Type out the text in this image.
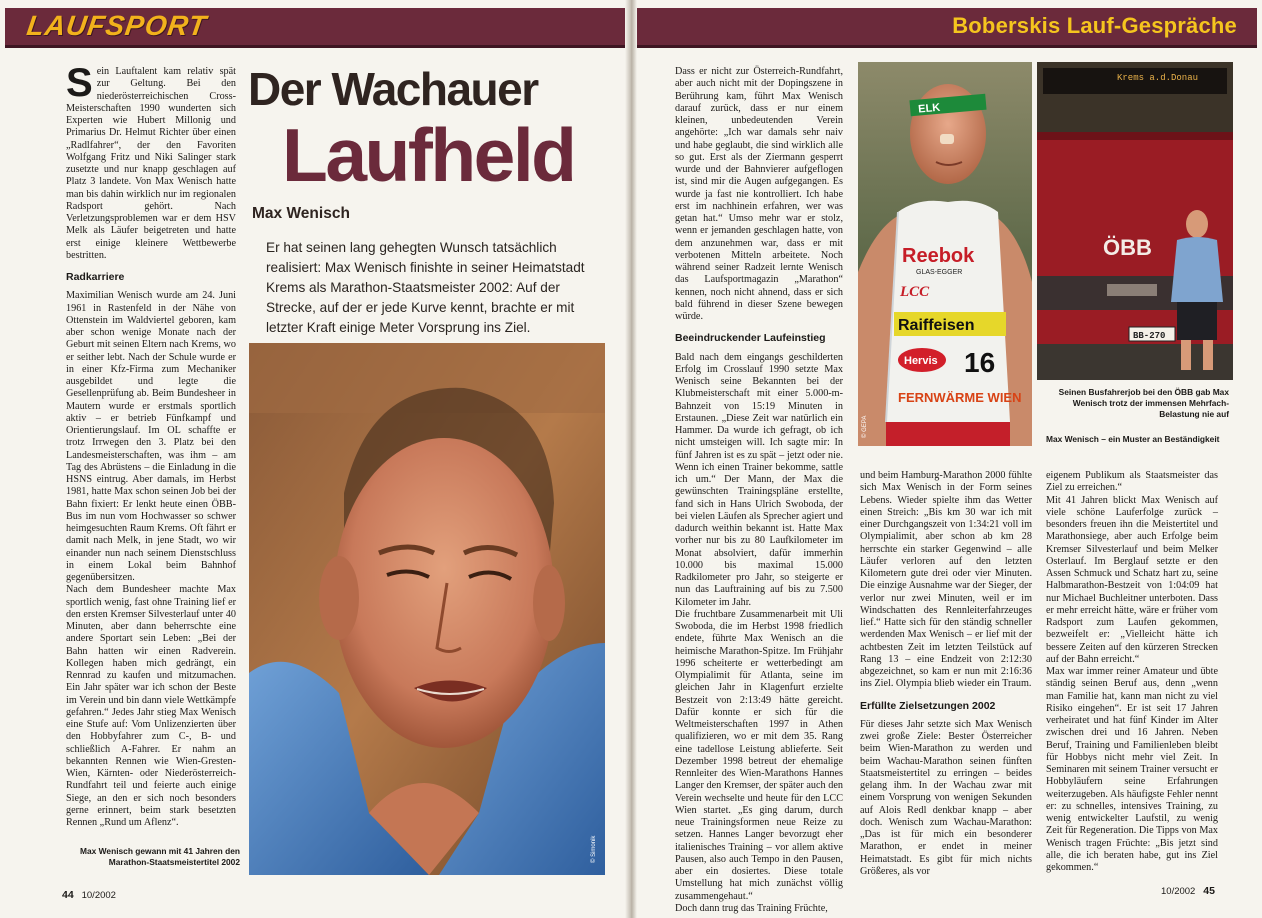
LAUFSPORT

Sein Lauftalent kam relativ spät zur Geltung. Bei den niederösterreichischen Cross-Meisterschaften 1990 wunderten sich Experten wie Hubert Millonig und Primarius Dr. Helmut Richter über einen „Radlfahrer“, der den Favoriten Wolfgang Fritz und Niki Salinger stark zusetzte und nur knapp geschlagen auf Platz 3 landete. Von Max Wenisch hatte man bis dahin wirklich nur im regionalen Radsport gehört. Nach Verletzungsproblemen war er dem HSV Melk als Läufer beigetreten und hatte erst einige kleinere Wettbewerbe bestritten.

Radkarriere

Maximilian Wenisch wurde am 24. Juni 1961 in Rastenfeld in der Nähe von Ottenstein im Waldviertel geboren, kam aber schon wenige Monate nach der Geburt mit seinen Eltern nach Krems, wo er seither lebt. Nach der Schule wurde er in einer Kfz-Firma zum Mechaniker ausgebildet und legte die Gesellenprüfung ab. Beim Bundesheer in Mautern wurde er erstmals sportlich aktiv – er betrieb Fünfkampf und Orientierungslauf. Im OL schaffte er trotz Irrwegen den 3. Platz bei den Landesmeisterschaften, was ihm – am Tag des Abrüstens – die Einladung in die HSNS eintrug. Aber damals, im Herbst 1981, hatte Max schon seinen Job bei der Bahn fixiert: Er lenkt heute einen ÖBB-Bus im nun vom Hochwasser so schwer heimgesuchten Raum Krems. Oft fährt er damit nach Melk, in jene Stadt, wo wir einander nun nach seinem Dienstschluss in einem Lokal beim Bahnhof gegenübersitzen.

Nach dem Bundesheer machte Max sportlich wenig, fast ohne Training lief er den ersten Kremser Silvesterlauf unter 40 Minuten, aber dann beherrschte eine andere Sportart sein Leben: „Bei der Bahn hatten wir einen Radverein. Kollegen haben mich gedrängt, ein Rennrad zu kaufen und mitzumachen. Ein Jahr später war ich schon der Beste im Verein und bin dann viele Wettkämpfe gefahren.“ Jedes Jahr stieg Max Wenisch eine Stufe auf: Vom Unlizenzierten über den Hobbyfahrer zum C-, B- und schließlich A-Fahrer. Er nahm an bekannten Rennen wie Wien-Gresten-Wien, Kärnten- oder Niederösterreich-Rundfahrt teil und feierte auch einige Siege, an den er sich noch besonders gerne erinnert, beim stark besetzten Rennen „Rund um Aflenz“.

Der Wachauer
Laufheld
Max Wenisch
Er hat seinen lang gehegten Wunsch tatsächlich realisiert: Max Wenisch finishte in seiner Heimatstadt Krems als Marathon-Staatsmeister 2002: Auf der Strecke, auf der er jede Kurve kennt, brachte er mit letzter Kraft einige Meter Vorsprung ins Ziel.
© Simonik
Max Wenisch gewann mit 41 Jahren den Marathon-Staatsmeistertitel 2002
44 10/2002
Boberskis Lauf-Gespräche

Dass er nicht zur Österreich-Rundfahrt, aber auch nicht mit der Dopingszene in Berührung kam, führt Max Wenisch darauf zurück, dass er nur einem kleinen, unbedeutenden Verein angehörte: „Ich war damals sehr naiv und habe geglaubt, die sind wirklich alle so gut. Erst als der Ziermann gesperrt wurde und der Bahnvierer aufgeflogen ist, sind mir die Augen aufgegangen. Es wurde ja fast nie kontrolliert. Ich habe erst im nachhinein erfahren, wer was getan hat.“ Umso mehr war er stolz, wenn er jemanden geschlagen hatte, von dem anzunehmen war, dass er mit verbotenen Mitteln arbeitete. Noch während seiner Radzeit lernte Wenisch das Laufsportmagazin „Marathon“ kennen, noch nicht ahnend, dass er sich bald führend in dieser Szene bewegen würde.

Beeindruckender Laufeinstieg

Bald nach dem eingangs geschilderten Erfolg im Crosslauf 1990 setzte Max Wenisch seine Bekannten bei der Klubmeisterschaft mit einer 5.000-m-Bahnzeit von 15:19 Minuten in Erstaunen. „Diese Zeit war natürlich ein Hammer. Da wurde ich gefragt, ob ich nicht umsteigen will. Ich sagte mir: In fünf Jahren ist es zu spät – jetzt oder nie. Wenn ich einen Trainer bekomme, sattle ich um.“ Der Mann, der Max die gewünschten Trainingspläne erstellte, fand sich in Hans Ulrich Swoboda, der bei vielen Läufen als Sprecher agiert und dadurch weithin bekannt ist. Hatte Max vorher nur bis zu 80 Laufkilometer im Monat absolviert, dafür immerhin 10.000 bis maximal 15.000 Radkilometer pro Jahr, so steigerte er nun das Lauftraining auf bis zu 7.500 Kilometer im Jahr.

Die fruchtbare Zusammenarbeit mit Uli Swoboda, die im Herbst 1998 friedlich endete, führte Max Wenisch an die heimische Marathon-Spitze. Im Frühjahr 1996 scheiterte er wetterbedingt am Olympialimit für Atlanta, seine im gleichen Jahr in Klagenfurt erzielte Bestzeit von 2:13:49 hätte gereicht. Dafür konnte er sich für die Weltmeisterschaften 1997 in Athen qualifizieren, wo er mit dem 35. Rang eine tadellose Leistung ablieferte. Seit Dezember 1998 betreut der ehemalige Rennleiter des Wien-Marathons Hannes Langer den Kremser, der später auch den Verein wechselte und heute für den LCC Wien startet. „Es ging darum, durch neue Trainingsformen neue Reize zu setzen. Hannes Langer bevorzugt eher italienisches Training – vor allem aktive Pausen, also auch Tempo in den Pausen, aber ein dosiertes. Diese totale Umstellung hat mich zunächst völlig zusammengehaut.“

Doch dann trug das Training Früchte,

ELK
Reebok
GLAS-EGGER
LCC
Raiffeisen
Hervis 16
FERNWÄRME WIEN
© GEPA
Krems a.d.Donau
ÖBB
BB-270
Seinen Busfahrerjob bei den ÖBB gab Max Wenisch trotz der immensen Mehrfach-Belastung nie auf
Max Wenisch – ein Muster an Beständigkeit

und beim Hamburg-Marathon 2000 fühlte sich Max Wenisch in der Form seines Lebens. Wieder spielte ihm das Wetter einen Streich: „Bis km 30 war ich mit einer Durchgangszeit von 1:34:21 voll im Olympialimit, aber schon ab km 28 herrschte ein starker Gegenwind – alle Läufer verloren auf den letzten Kilometern gute drei oder vier Minuten. Die einzige Ausnahme war der Sieger, der verlor nur zwei Minuten, weil er im Windschatten des Rennleiterfahrzeuges lief.“ Hatte sich für den ständig schneller werdenden Max Wenisch – er lief mit der achtbesten Zeit im letzten Teilstück auf Rang 13 – eine Endzeit von 2:12:30 abgezeichnet, so kam er nun mit 2:16:36 ins Ziel. Olympia blieb wieder ein Traum.

Erfüllte Zielsetzungen 2002

Für dieses Jahr setzte sich Max Wenisch zwei große Ziele: Bester Österreicher beim Wien-Marathon zu werden und beim Wachau-Marathon seinen fünften Staatsmeistertitel zu erringen – beides gelang ihm. In der Wachau zwar mit einem Vorsprung von wenigen Sekunden auf Alois Redl denkbar knapp – aber doch. Wenisch zum Wachau-Marathon: „Das ist für mich ein besonderer Marathon, er endet in meiner Heimatstadt. Es gibt für mich nichts Größeres, als vor

eigenem Publikum als Staatsmeister das Ziel zu erreichen.“

Mit 41 Jahren blickt Max Wenisch auf viele schöne Lauferfolge zurück – besonders freuen ihn die Meistertitel und Marathonsiege, aber auch Erfolge beim Kremser Silvesterlauf und beim Melker Osterlauf. Im Berglauf setzte er den Assen Schmuck und Schatz hart zu, seine Halbmarathon-Bestzeit von 1:04:09 hat nur Michael Buchleitner unterboten. Dass er mehr erreicht hätte, wäre er früher vom Radsport zum Laufen gekommen, bezweifelt er: „Vielleicht hätte ich bessere Zeiten auf den kürzeren Strecken auf der Bahn erreicht.“

Max war immer reiner Amateur und übte ständig seinen Beruf aus, denn „wenn man Familie hat, kann man nicht zu viel Risiko eingehen“. Er ist seit 17 Jahren verheiratet und hat fünf Kinder im Alter zwischen drei und 16 Jahren. Neben Beruf, Training und Familienleben bleibt für Hobbys nicht mehr viel Zeit. In Seminaren mit seinem Trainer versucht er Hobbyläufern seine Erfahrungen weiterzugeben. Als häufigste Fehler nennt er: zu schnelles, intensives Training, zu wenig entwickelter Laufstil, zu wenig Zeit für Regeneration. Die Tipps von Max Wenisch tragen Früchte: „Bis jetzt sind alle, die ich beraten habe, gut ins Ziel gekommen.“

10/2002 45
